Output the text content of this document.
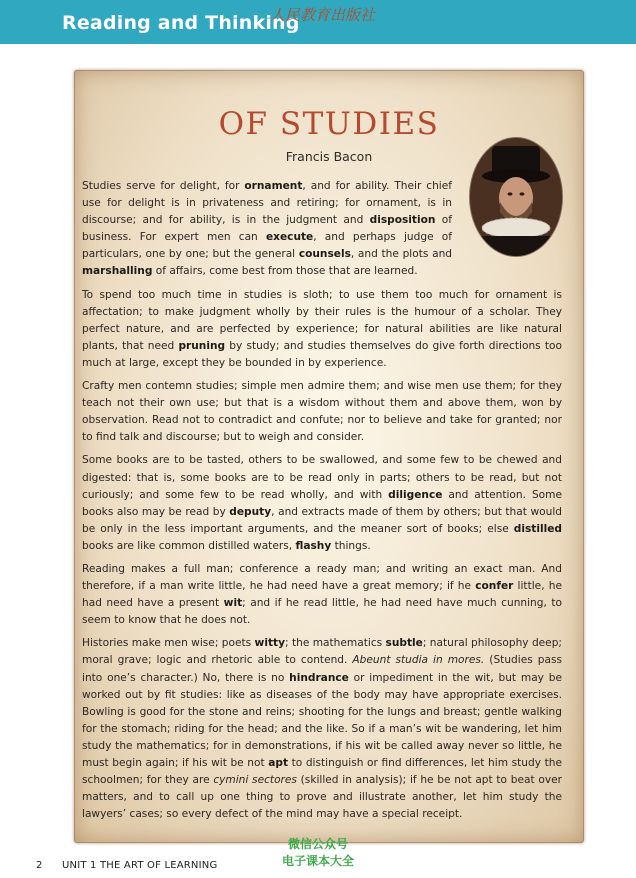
Reading and Thinking
人民教育出版社
OF STUDIES
Francis Bacon

Studies serve for delight, for ornament, and for ability. Their chief use for delight is in privateness and retiring; for ornament, is in discourse; and for ability, is in the judgment and disposition of business. For expert men can execute, and perhaps judge of particulars, one by one; but the general counsels, and the plots and marshalling of affairs, come best from those that are learned.

To spend too much time in studies is sloth; to use them too much for ornament is affectation; to make judgment wholly by their rules is the humour of a scholar. They perfect nature, and are perfected by experience; for natural abilities are like natural plants, that need pruning by study; and studies themselves do give forth directions too much at large, except they be bounded in by experience.

Crafty men contemn studies; simple men admire them; and wise men use them; for they teach not their own use; but that is a wisdom without them and above them, won by observation. Read not to contradict and confute; nor to believe and take for granted; nor to find talk and discourse; but to weigh and consider.

Some books are to be tasted, others to be swallowed, and some few to be chewed and digested: that is, some books are to be read only in parts; others to be read, but not curiously; and some few to be read wholly, and with diligence and attention. Some books also may be read by deputy, and extracts made of them by others; but that would be only in the less important arguments, and the meaner sort of books; else distilled books are like common distilled waters, flashy things.

Reading makes a full man; conference a ready man; and writing an exact man. And therefore, if a man write little, he had need have a great memory; if he confer little, he had need have a present wit; and if he read little, he had need have much cunning, to seem to know that he does not.

Histories make men wise; poets witty; the mathematics subtle; natural philosophy deep; moral grave; logic and rhetoric able to contend. Abeunt studia in mores. (Studies pass into one’s character.) No, there is no hindrance or impediment in the wit, but may be worked out by fit studies: like as diseases of the body may have appropriate exercises. Bowling is good for the stone and reins; shooting for the lungs and breast; gentle walking for the stomach; riding for the head; and the like. So if a man’s wit be wandering, let him study the mathematics; for in demonstrations, if his wit be called away never so little, he must begin again; if his wit be not apt to distinguish or find differences, let him study the schoolmen; for they are cymini sectores (skilled in analysis); if he be not apt to beat over matters, and to call up one thing to prove and illustrate another, let him study the lawyers’ cases; so every defect of the mind may have a special receipt.

2 UNIT 1 THE ART OF LEARNING
微信公众号
电子课本大全
